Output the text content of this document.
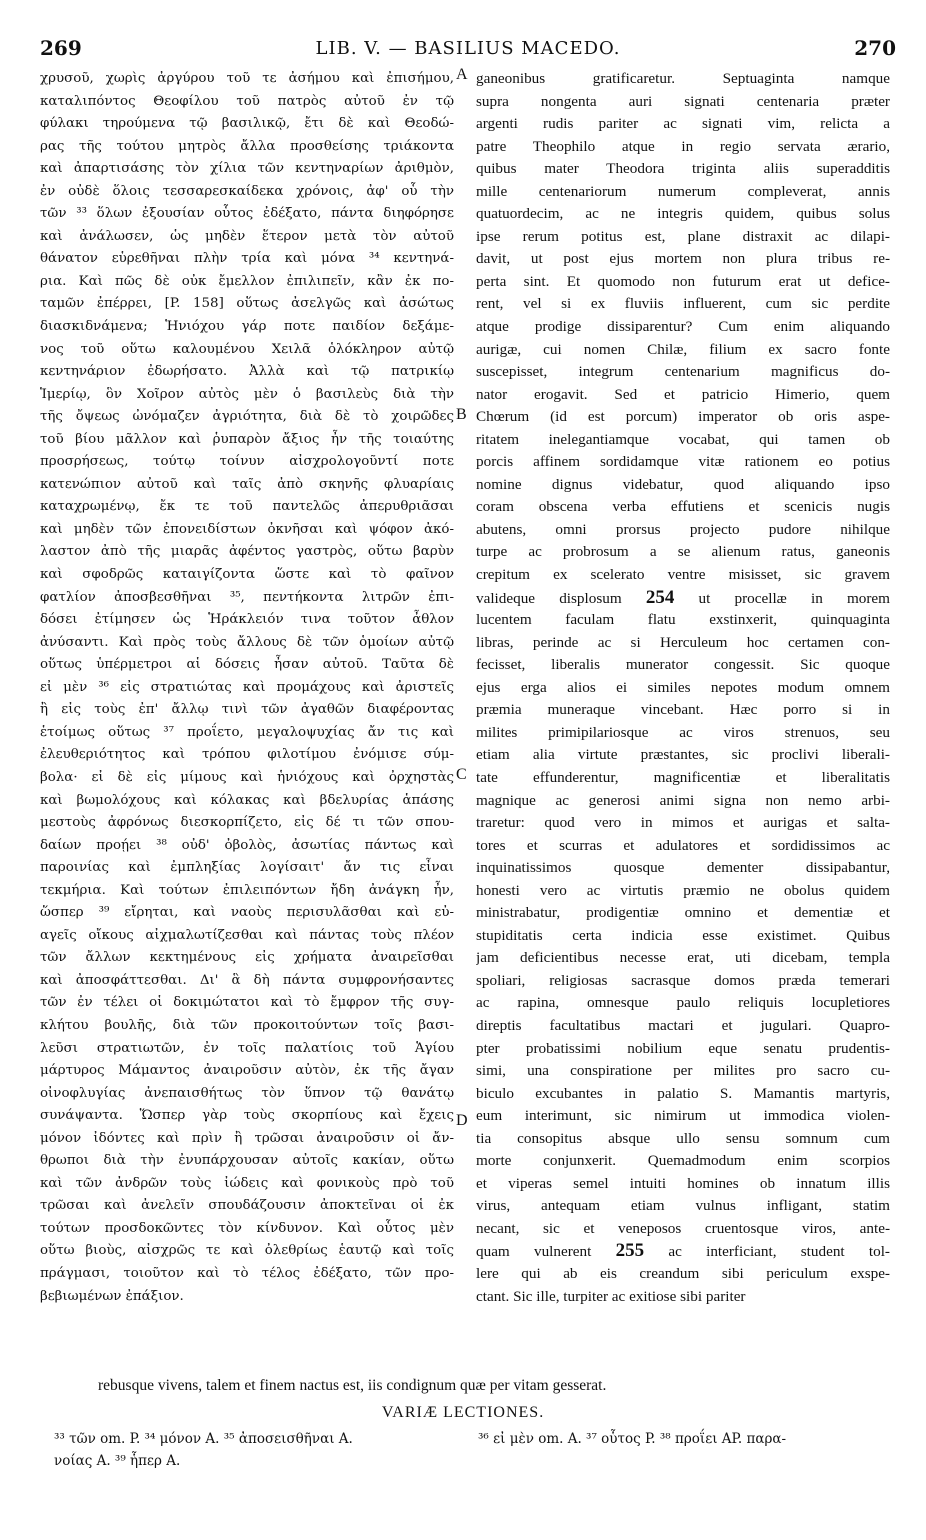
269	LIB. V. — BASILIUS MACEDO.	270
χρυσοῦ, χωρὶς ἀργύρου τοῦ τε ἀσήμου καὶ ἐπισήμου,
καταλιπόντος Θεοφίλου τοῦ πατρὸς αὐτοῦ ἐν τῷ
φύλακι τηρούμενα τῷ βασιλικῷ, ἔτι δὲ καὶ Θεοδώ-
ρας τῆς τούτου μητρὸς ἄλλα προσθείσης τριάκοντα
καὶ ἀπαρτισάσης τὸν χίλια τῶν κεντηναρίων ἀριθμὸν,
ἐν οὐδὲ ὅλοις τεσσαρεσκαίδεκα χρόνοις, ἀφ' οὗ τὴν
τῶν ³³ ὅλων ἐξουσίαν οὗτος ἐδέξατο, πάντα διηφόρησε
καὶ ἀνάλωσεν, ὡς μηδὲν ἕτερον μετὰ τὸν αὐτοῦ
θάνατον εὑρεθῆναι πλὴν τρία καὶ μόνα ³⁴ κεντηνά-
ρια. Καὶ πῶς δὲ οὐκ ἔμελλον ἐπιλιπεῖν, κἂν ἐκ πο-
ταμῶν ἐπέρρει, [P. 158] οὕτως ἀσελγῶς καὶ ἀσώτως
διασκιδνάμενα; Ἡνιόχου γάρ ποτε παιδίον δεξάμε-
νος τοῦ οὕτω καλουμένου Χειλᾶ ὁλόκληρον αὐτῷ
κεντηνάριον ἐδωρήσατο. Ἀλλὰ καὶ τῷ πατρικίῳ
Ἱμερίῳ, ὃν Χοῖρον αὐτὸς μὲν ὁ βασιλεὺς διὰ τὴν
τῆς ὄψεως ὠνόμαζεν ἀγριότητα, διὰ δὲ τὸ χοιρῶδες
τοῦ βίου μᾶλλον καὶ ῥυπαρὸν ἄξιος ἦν τῆς τοιαύτης
προσρήσεως, τούτῳ τοίνυν αἰσχρολογοῦντί ποτε
κατενώπιον αὐτοῦ καὶ ταῖς ἀπὸ σκηνῆς φλυαρίαις
καταχρωμένῳ, ἔκ τε τοῦ παντελῶς ἀπερυθριᾶσαι
καὶ μηδὲν τῶν ἐπονειδίστων ὀκνῆσαι καὶ ψόφον ἀκό-
λαστον ἀπὸ τῆς μιαρᾶς ἀφέντος γαστρὸς, οὕτω βαρὺν
καὶ σφοδρῶς καταιγίζοντα ὥστε καὶ τὸ φαῖνον
φατλίον ἀποσβεσθῆναι ³⁵, πεντήκοντα λιτρῶν ἐπι-
δόσει ἐτίμησεν ὡς Ἡράκλειόν τινα τοῦτον ἆθλον
ἀνύσαντι. Καὶ πρὸς τοὺς ἄλλους δὲ τῶν ὁμοίων αὐτῷ
οὕτως ὑπέρμετροι αἱ δόσεις ἦσαν αὐτοῦ. Ταῦτα δὲ
εἰ μὲν ³⁶ εἰς στρατιώτας καὶ προμάχους καὶ ἀριστεῖς
ἢ εἰς τοὺς ἐπ' ἄλλῳ τινὶ τῶν ἀγαθῶν διαφέροντας
ἑτοίμως οὕτως ³⁷ προΐετο, μεγαλοψυχίας ἄν τις καὶ
ἐλευθεριότητος καὶ τρόπου φιλοτίμου ἐνόμισε σύμ-
βολα· εἰ δὲ εἰς μίμους καὶ ἡνιόχους καὶ ὀρχηστὰς
καὶ βωμολόχους καὶ κόλακας καὶ βδελυρίας ἁπάσης
μεστοὺς ἀφρόνως διεσκορπίζετο, εἰς δέ τι τῶν σπου-
δαίων προῄει ³⁸ οὐδ' ὀβολὸς, ἀσωτίας πάντως καὶ
παροινίας καὶ ἐμπληξίας λογίσαιτ' ἄν τις εἶναι
τεκμήρια. Καὶ τούτων ἐπιλειπόντων ἤδη ἀνάγκη ἦν,
ὥσπερ ³⁹ εἴρηται, καὶ ναοὺς περισυλᾶσθαι καὶ εὐ-
αγεῖς οἴκους αἰχμαλωτίζεσθαι καὶ πάντας τοὺς πλέον
τῶν ἄλλων κεκτημένους εἰς χρήματα ἀναιρεῖσθαι
καὶ ἀποσφάττεσθαι. Δι' ἃ δὴ πάντα συμφρονήσαντες
τῶν ἐν τέλει οἱ δοκιμώτατοι καὶ τὸ ἔμφρον τῆς συγ-
κλήτου βουλῆς, διὰ τῶν προκοιτούντων τοῖς βασι-
λεῦσι στρατιωτῶν, ἐν τοῖς παλατίοις τοῦ Ἁγίου
μάρτυρος Μάμαντος ἀναιροῦσιν αὐτὸν, ἐκ τῆς ἄγαν
οἰνοφλυγίας ἀνεπαισθήτως τὸν ὕπνον τῷ θανάτῳ
συνάψαντα. Ὥσπερ γὰρ τοὺς σκορπίους καὶ ἔχεις
μόνον ἰδόντες καὶ πρὶν ἢ τρῶσαι ἀναιροῦσιν οἱ ἄν-
θρωποι διὰ τὴν ἐνυπάρχουσαν αὐτοῖς κακίαν, οὕτω
καὶ τῶν ἀνδρῶν τοὺς ἰώδεις καὶ φονικοὺς πρὸ τοῦ
τρῶσαι καὶ ἀνελεῖν σπουδάζουσιν ἀποκτεῖναι οἱ ἐκ
τούτων προσδοκῶντες τὸν κίνδυνον. Καὶ οὗτος μὲν
οὕτω βιοὺς, αἰσχρῶς τε καὶ ὀλεθρίως ἑαυτῷ καὶ τοῖς
πράγμασι, τοιοῦτον καὶ τὸ τέλος ἐδέξατο, τῶν προ-
βεβιωμένων ἐπάξιον.
ganeonibus gratificaretur. Septuaginta namque
supra nongenta auri signati centenaria præter
argenti rudis pariter ac signati vim, relicta a
patre Theophilo atque in regio servata ærario,
quibus mater Theodora triginta aliis superadditis
mille centenariorum numerum compleverat, annis
quatuordecim, ac ne integris quidem, quibus solus
ipse rerum potitus est, plane distraxit ac dilapi-
davit, ut post ejus mortem non plura tribus re-
perta sint. Et quomodo non futurum erat ut defice-
rent, vel si ex fluviis influerent, cum sic perdite
atque prodige dissiparentur? Cum enim aliquando
aurigæ, cui nomen Chilæ, filium ex sacro fonte
suscepisset, integrum centenarium magnificus do-
nator erogavit. Sed et patricio Himerio, quem
Chœrum (id est porcum) imperator ob oris aspe-
ritatem inelegantiamque vocabat, qui tamen ob
porcis affinem sordidamque vitæ rationem eo potius
nomine dignus videbatur, quod aliquando ipso
coram obscena verba effutiens et scenicis nugis
abutens, omni prorsus projecto pudore nihilque
turpe ac probrosum a se alienum ratus, ganeonis
crepitum ex scelerato ventre misisset, sic gravem
valideque displosum 254 ut procellæ in morem
lucentem faculam flatu exstinxerit, quinquaginta
libras, perinde ac si Herculeum hoc certamen con-
fecisset, liberalis munerator congessit. Sic quoque
ejus erga alios ei similes nepotes modum omnem
præmia muneraque vincebant. Hæc porro si in
milites primipilariosque ac viros strenuos, seu
etiam alia virtute præstantes, sic proclivi liberali-
tate effunderentur, magnificentiæ et liberalitatis
magnique ac generosi animi signa non nemo arbi-
traretur: quod vero in mimos et aurigas et salta-
tores et scurras et adulatores et sordidissimos ac
inquinatissimos quosque dementer dissipabantur,
honesti vero ac virtutis præmio ne obolus quidem
ministrabatur, prodigentiæ omnino et dementiæ et
stupiditatis certa indicia esse existimet. Quibus
jam deficientibus necesse erat, uti dicebam, templa
spoliari, religiosas sacrasque domos præda temerari
ac rapina, omnesque paulo reliquis locupletiores
direptis facultatibus mactari et jugulari. Quapro-
pter probatissimi nobilium eque senatu prudentis-
simi, una conspiratione per milites pro sacro cu-
biculo excubantes in palatio S. Mamantis martyris,
eum interimunt, sic nimirum ut immodica violen-
tia consopitus absque ullo sensu somnum cum
morte conjunxerit. Quemadmodum enim scorpios
et viperas semel intuiti homines ob innatum illis
virus, antequam etiam vulnus infligant, statim
necant, sic et veneposos cruentosque viros, ante-
quam vulnerent 255 ac interficiant, student tol-
lere qui ab eis creandum sibi periculum exspe-
ctant. Sic ille, turpiter ac exitiose sibi pariter
A
B
C
D
rebusque vivens, talem et finem nactus est, iis condignum quæ per vitam gesserat.
VARIÆ LECTIONES.
³³ τῶν om. P. ³⁴ μόνον A. ³⁵ ἀποσεισθῆναι A.	³⁶ εἰ μὲν om. A. ³⁷ οὗτος P. ³⁸ προΐει AP. παρα-
νοίας A. ³⁹ ἧπερ A.
